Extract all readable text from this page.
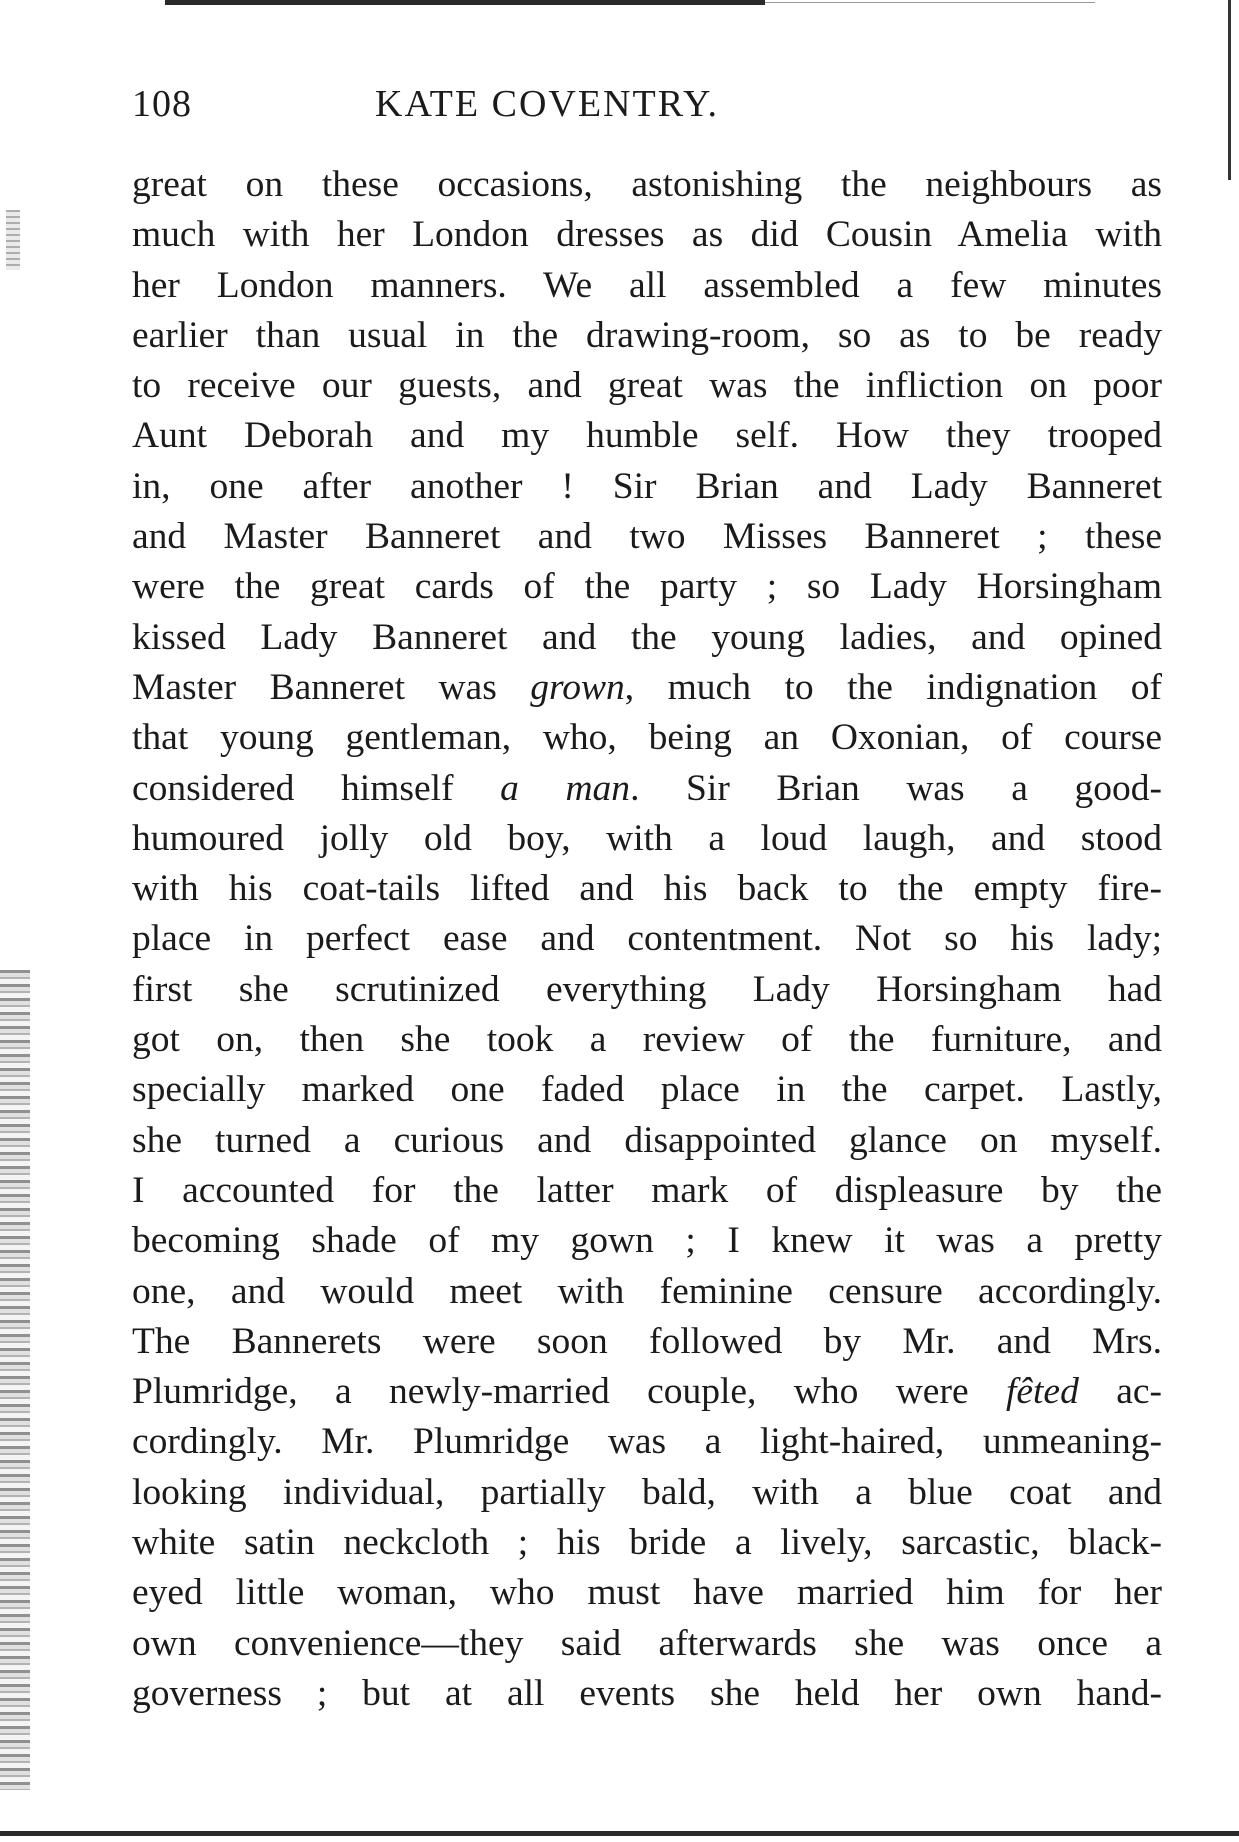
108	KATE COVENTRY.
great on these occasions, astonishing the neighbours as
much with her London dresses as did Cousin Amelia with
her London manners. We all assembled a few minutes
earlier than usual in the drawing-room, so as to be ready
to receive our guests, and great was the infliction on poor
Aunt Deborah and my humble self. How they trooped
in, one after another ! Sir Brian and Lady Banneret
and Master Banneret and two Misses Banneret ; these
were the great cards of the party ; so Lady Horsingham
kissed Lady Banneret and the young ladies, and opined
Master Banneret was grown, much to the indignation of
that young gentleman, who, being an Oxonian, of course
considered himself a man. Sir Brian was a good-
humoured jolly old boy, with a loud laugh, and stood
with his coat-tails lifted and his back to the empty fire-
place in perfect ease and contentment. Not so his lady;
first she scrutinized everything Lady Horsingham had
got on, then she took a review of the furniture, and
specially marked one faded place in the carpet. Lastly,
she turned a curious and disappointed glance on myself.
I accounted for the latter mark of displeasure by the
becoming shade of my gown ; I knew it was a pretty
one, and would meet with feminine censure accordingly.
The Bannerets were soon followed by Mr. and Mrs.
Plumridge, a newly-married couple, who were fêted ac-
cordingly. Mr. Plumridge was a light-haired, unmeaning-
looking individual, partially bald, with a blue coat and
white satin neckcloth ; his bride a lively, sarcastic, black-
eyed little woman, who must have married him for her
own convenience—they said afterwards she was once a
governess ; but at all events she held her own hand-
